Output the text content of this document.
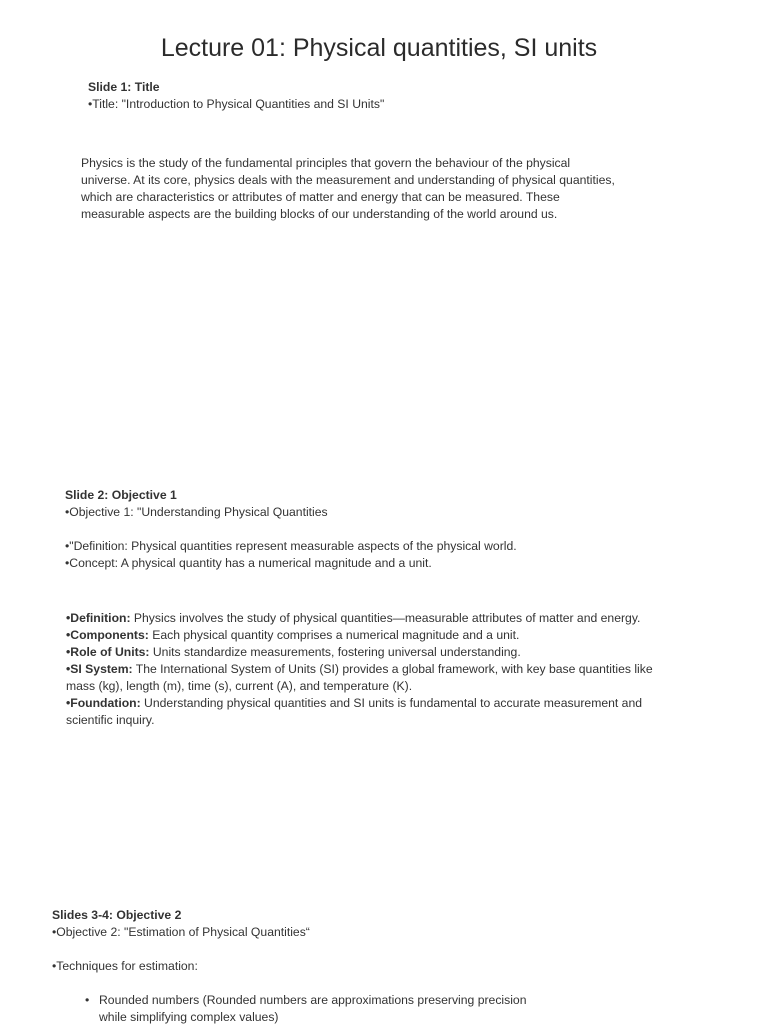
Lecture 01: Physical quantities, SI units
Slide 1: Title
•Title: "Introduction to Physical Quantities and SI Units"
Physics is the study of the fundamental principles that govern the behaviour of the physical
universe. At its core, physics deals with the measurement and understanding of physical quantities,
which are characteristics or attributes of matter and energy that can be measured. These
measurable aspects are the building blocks of our understanding of the world around us.
Slide 2: Objective 1
•Objective 1: "Understanding Physical Quantities
•"Definition: Physical quantities represent measurable aspects of the physical world.
•Concept: A physical quantity has a numerical magnitude and a unit.
•Definition: Physics involves the study of physical quantities—measurable attributes of matter and energy.
•Components: Each physical quantity comprises a numerical magnitude and a unit.
•Role of Units: Units standardize measurements, fostering universal understanding.
•SI System: The International System of Units (SI) provides a global framework, with key base quantities like
mass (kg), length (m), time (s), current (A), and temperature (K).
•Foundation: Understanding physical quantities and SI units is fundamental to accurate measurement and
scientific inquiry.
Slides 3-4: Objective 2
•Objective 2: "Estimation of Physical Quantities“
•Techniques for estimation:
• Rounded numbers (Rounded numbers are approximations preserving precision
while simplifying complex values)
